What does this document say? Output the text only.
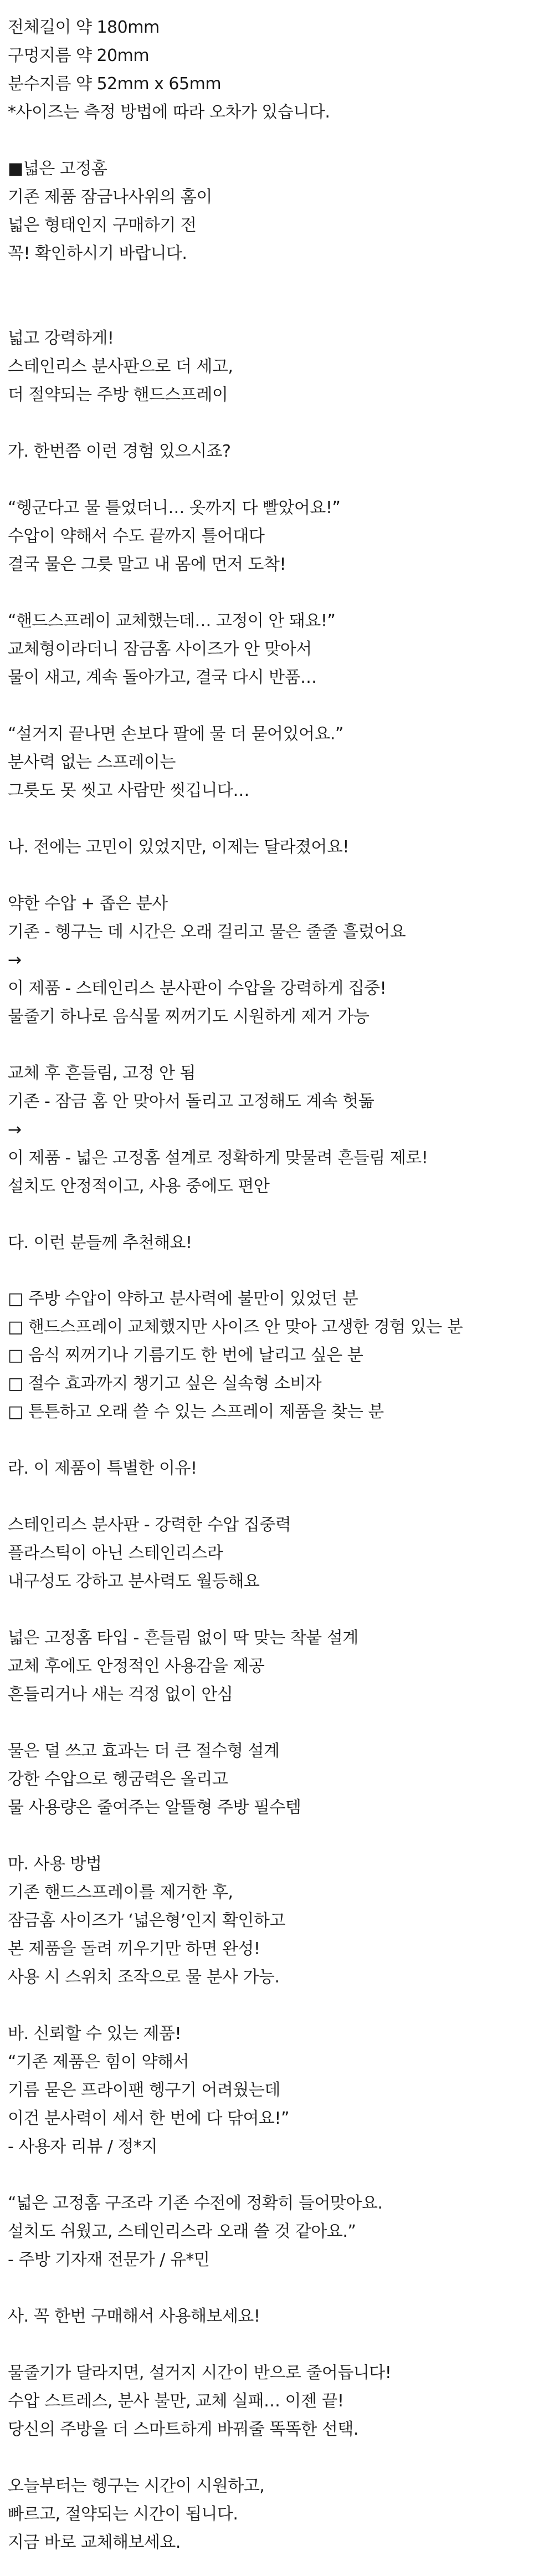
전체길이 약 180mm
구멍지름 약 20mm
분수지름 약 52mm x 65mm
*사이즈는 측정 방법에 따라 오차가 있습니다.
■넓은 고정홈
기존 제품 잠금나사위의 홈이
넓은 형태인지 구매하기 전
꼭! 확인하시기 바랍니다.
넓고 강력하게!
스테인리스 분사판으로 더 세고,
더 절약되는 주방 핸드스프레이
가. 한번쯤 이런 경험 있으시죠?
“헹군다고 물 틀었더니… 옷까지 다 빨았어요!”
수압이 약해서 수도 끝까지 틀어대다
결국 물은 그릇 말고 내 몸에 먼저 도착!
“핸드스프레이 교체했는데… 고정이 안 돼요!”
교체형이라더니 잠금홈 사이즈가 안 맞아서
물이 새고, 계속 돌아가고, 결국 다시 반품…
“설거지 끝나면 손보다 팔에 물 더 묻어있어요.”
분사력 없는 스프레이는
그릇도 못 씻고 사람만 씻깁니다…
나. 전에는 고민이 있었지만, 이제는 달라졌어요!
약한 수압 + 좁은 분사
기존 - 헹구는 데 시간은 오래 걸리고 물은 줄줄 흘렀어요
→
이 제품 - 스테인리스 분사판이 수압을 강력하게 집중!
물줄기 하나로 음식물 찌꺼기도 시원하게 제거 가능
교체 후 흔들림, 고정 안 됨
기존 - 잠금 홈 안 맞아서 돌리고 고정해도 계속 헛돎
→
이 제품 - 넓은 고정홈 설계로 정확하게 맞물려 흔들림 제로!
설치도 안정적이고, 사용 중에도 편안
다. 이런 분들께 추천해요!
□ 주방 수압이 약하고 분사력에 불만이 있었던 분
□ 핸드스프레이 교체했지만 사이즈 안 맞아 고생한 경험 있는 분
□ 음식 찌꺼기나 기름기도 한 번에 날리고 싶은 분
□ 절수 효과까지 챙기고 싶은 실속형 소비자
□ 튼튼하고 오래 쓸 수 있는 스프레이 제품을 찾는 분
라. 이 제품이 특별한 이유!
스테인리스 분사판 - 강력한 수압 집중력
플라스틱이 아닌 스테인리스라
내구성도 강하고 분사력도 월등해요
넓은 고정홈 타입 - 흔들림 없이 딱 맞는 착붙 설계
교체 후에도 안정적인 사용감을 제공
흔들리거나 새는 걱정 없이 안심
물은 덜 쓰고 효과는 더 큰 절수형 설계
강한 수압으로 헹굼력은 올리고
물 사용량은 줄여주는 알뜰형 주방 필수템
마. 사용 방법
기존 핸드스프레이를 제거한 후,
잠금홈 사이즈가 ‘넓은형’인지 확인하고
본 제품을 돌려 끼우기만 하면 완성!
사용 시 스위치 조작으로 물 분사 가능.
바. 신뢰할 수 있는 제품!
“기존 제품은 힘이 약해서
기름 묻은 프라이팬 헹구기 어려웠는데
이건 분사력이 세서 한 번에 다 닦여요!”
- 사용자 리뷰 / 정*지
“넓은 고정홈 구조라 기존 수전에 정확히 들어맞아요.
설치도 쉬웠고, 스테인리스라 오래 쓸 것 같아요.”
- 주방 기자재 전문가 / 유*민
사. 꼭 한번 구매해서 사용해보세요!
물줄기가 달라지면, 설거지 시간이 반으로 줄어듭니다!
수압 스트레스, 분사 불만, 교체 실패… 이젠 끝!
당신의 주방을 더 스마트하게 바꿔줄 똑똑한 선택.
오늘부터는 헹구는 시간이 시원하고,
빠르고, 절약되는 시간이 됩니다.
지금 바로 교체해보세요.
